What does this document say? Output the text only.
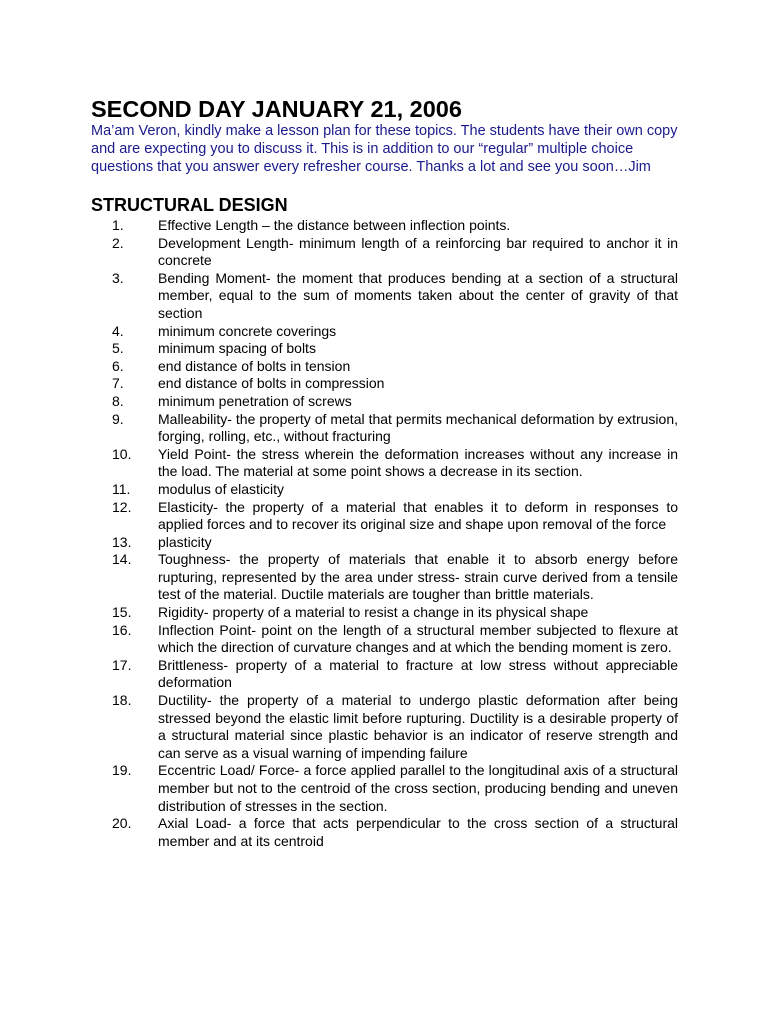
SECOND DAY JANUARY 21, 2006

Ma’am Veron, kindly make a lesson plan for these topics. The students have their own copy and are expecting you to discuss it. This is in addition to our “regular” multiple choice questions that you answer every refresher course. Thanks a lot and see you soon…Jim

STRUCTURAL DESIGN
1. Effective Length – the distance between inflection points.
2. Development Length- minimum length of a reinforcing bar required to anchor it in concrete
3. Bending Moment- the moment that produces bending at a section of a structural member, equal to the sum of moments taken about the center of gravity of that section
4. minimum concrete coverings
5. minimum spacing of bolts
6. end distance of bolts in tension
7. end distance of bolts in compression
8. minimum penetration of screws
9. Malleability- the property of metal that permits mechanical deformation by extrusion, forging, rolling, etc., without fracturing
10. Yield Point- the stress wherein the deformation increases without any increase in the load. The material at some point shows a decrease in its section.
11. modulus of elasticity
12. Elasticity- the property of a material that enables it to deform in responses to applied forces and to recover its original size and shape upon removal of the force
13. plasticity
14. Toughness- the property of materials that enable it to absorb energy before rupturing, represented by the area under stress- strain curve derived from a tensile test of the material. Ductile materials are tougher than brittle materials.
15. Rigidity- property of a material to resist a change in its physical shape
16. Inflection Point- point on the length of a structural member subjected to flexure at which the direction of curvature changes and at which the bending moment is zero.
17. Brittleness- property of a material to fracture at low stress without appreciable deformation
18. Ductility- the property of a material to undergo plastic deformation after being stressed beyond the elastic limit before rupturing. Ductility is a desirable property of a structural material since plastic behavior is an indicator of reserve strength and can serve as a visual warning of impending failure
19. Eccentric Load/ Force- a force applied parallel to the longitudinal axis of a structural member but not to the centroid of the cross section, producing bending and uneven distribution of stresses in the section.
20. Axial Load- a force that acts perpendicular to the cross section of a structural member and at its centroid
